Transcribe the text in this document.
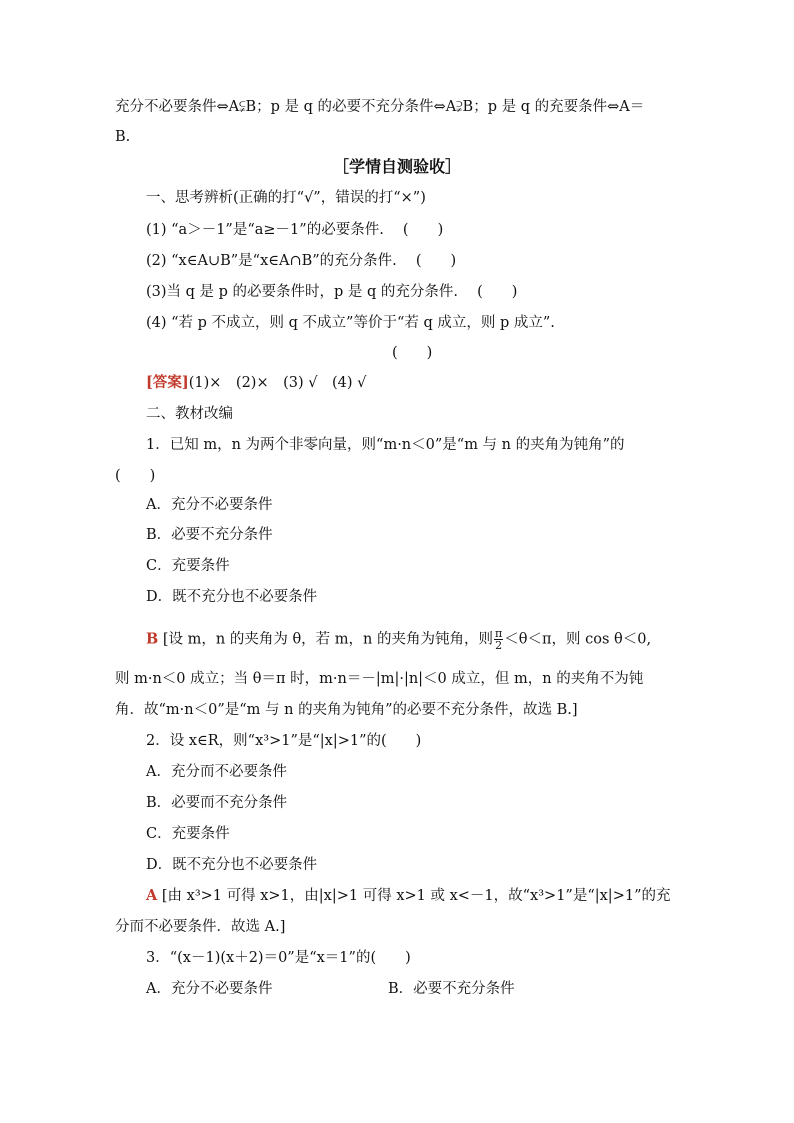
充分不必要条件⇔A⫋B；p 是 q 的必要不充分条件⇔A⫌B；p 是 q 的充要条件⇔A＝
B.
［学情自测验收］
一、思考辨析(正确的打“√”，错误的打“×”)
(1) “a＞－1”是“a≥－1”的必要条件.　 (　　)
(2) “x∈A∪B”是“x∈A∩B”的充分条件.　 (　　)
(3)当 q 是 p 的必要条件时，p 是 q 的充分条件.　 (　　)
(4) “若 p 不成立，则 q 不成立”等价于“若 q 成立，则 p 成立”.
(　　)
[答案](1)×　(2)×　(3) √　(4) √
二、教材改编
1．已知 m，n 为两个非零向量，则“m·n＜0”是“m 与 n 的夹角为钝角”的
(　　)
A．充分不必要条件
B．必要不充分条件
C．充要条件
D．既不充分也不必要条件
B [设 m，n 的夹角为 θ，若 m，n 的夹角为钝角，则 $\frac{\pi}{2} <\theta<\pi$，则 cos θ＜0,
则 m·n＜0 成立；当 θ＝π 时，m·n＝－|m|·|n|＜0 成立，但 m，n 的夹角不为钝
角．故“m·n＜0”是“m 与 n 的夹角为钝角”的必要不充分条件，故选 B.]
2．设 x∈R，则“x³>1”是“|x|>1”的(　　)
A．充分而不必要条件
B．必要而不充分条件
C．充要条件
D．既不充分也不必要条件
A [由 x³>1 可得 x>1，由|x|>1 可得 x>1 或 x<－1，故“x³>1”是“|x|>1”的充
分而不必要条件．故选 A.]
3．“(x－1)(x＋2)＝0”是“x＝1”的(　　)
A．充分不必要条件	B．必要不充分条件
